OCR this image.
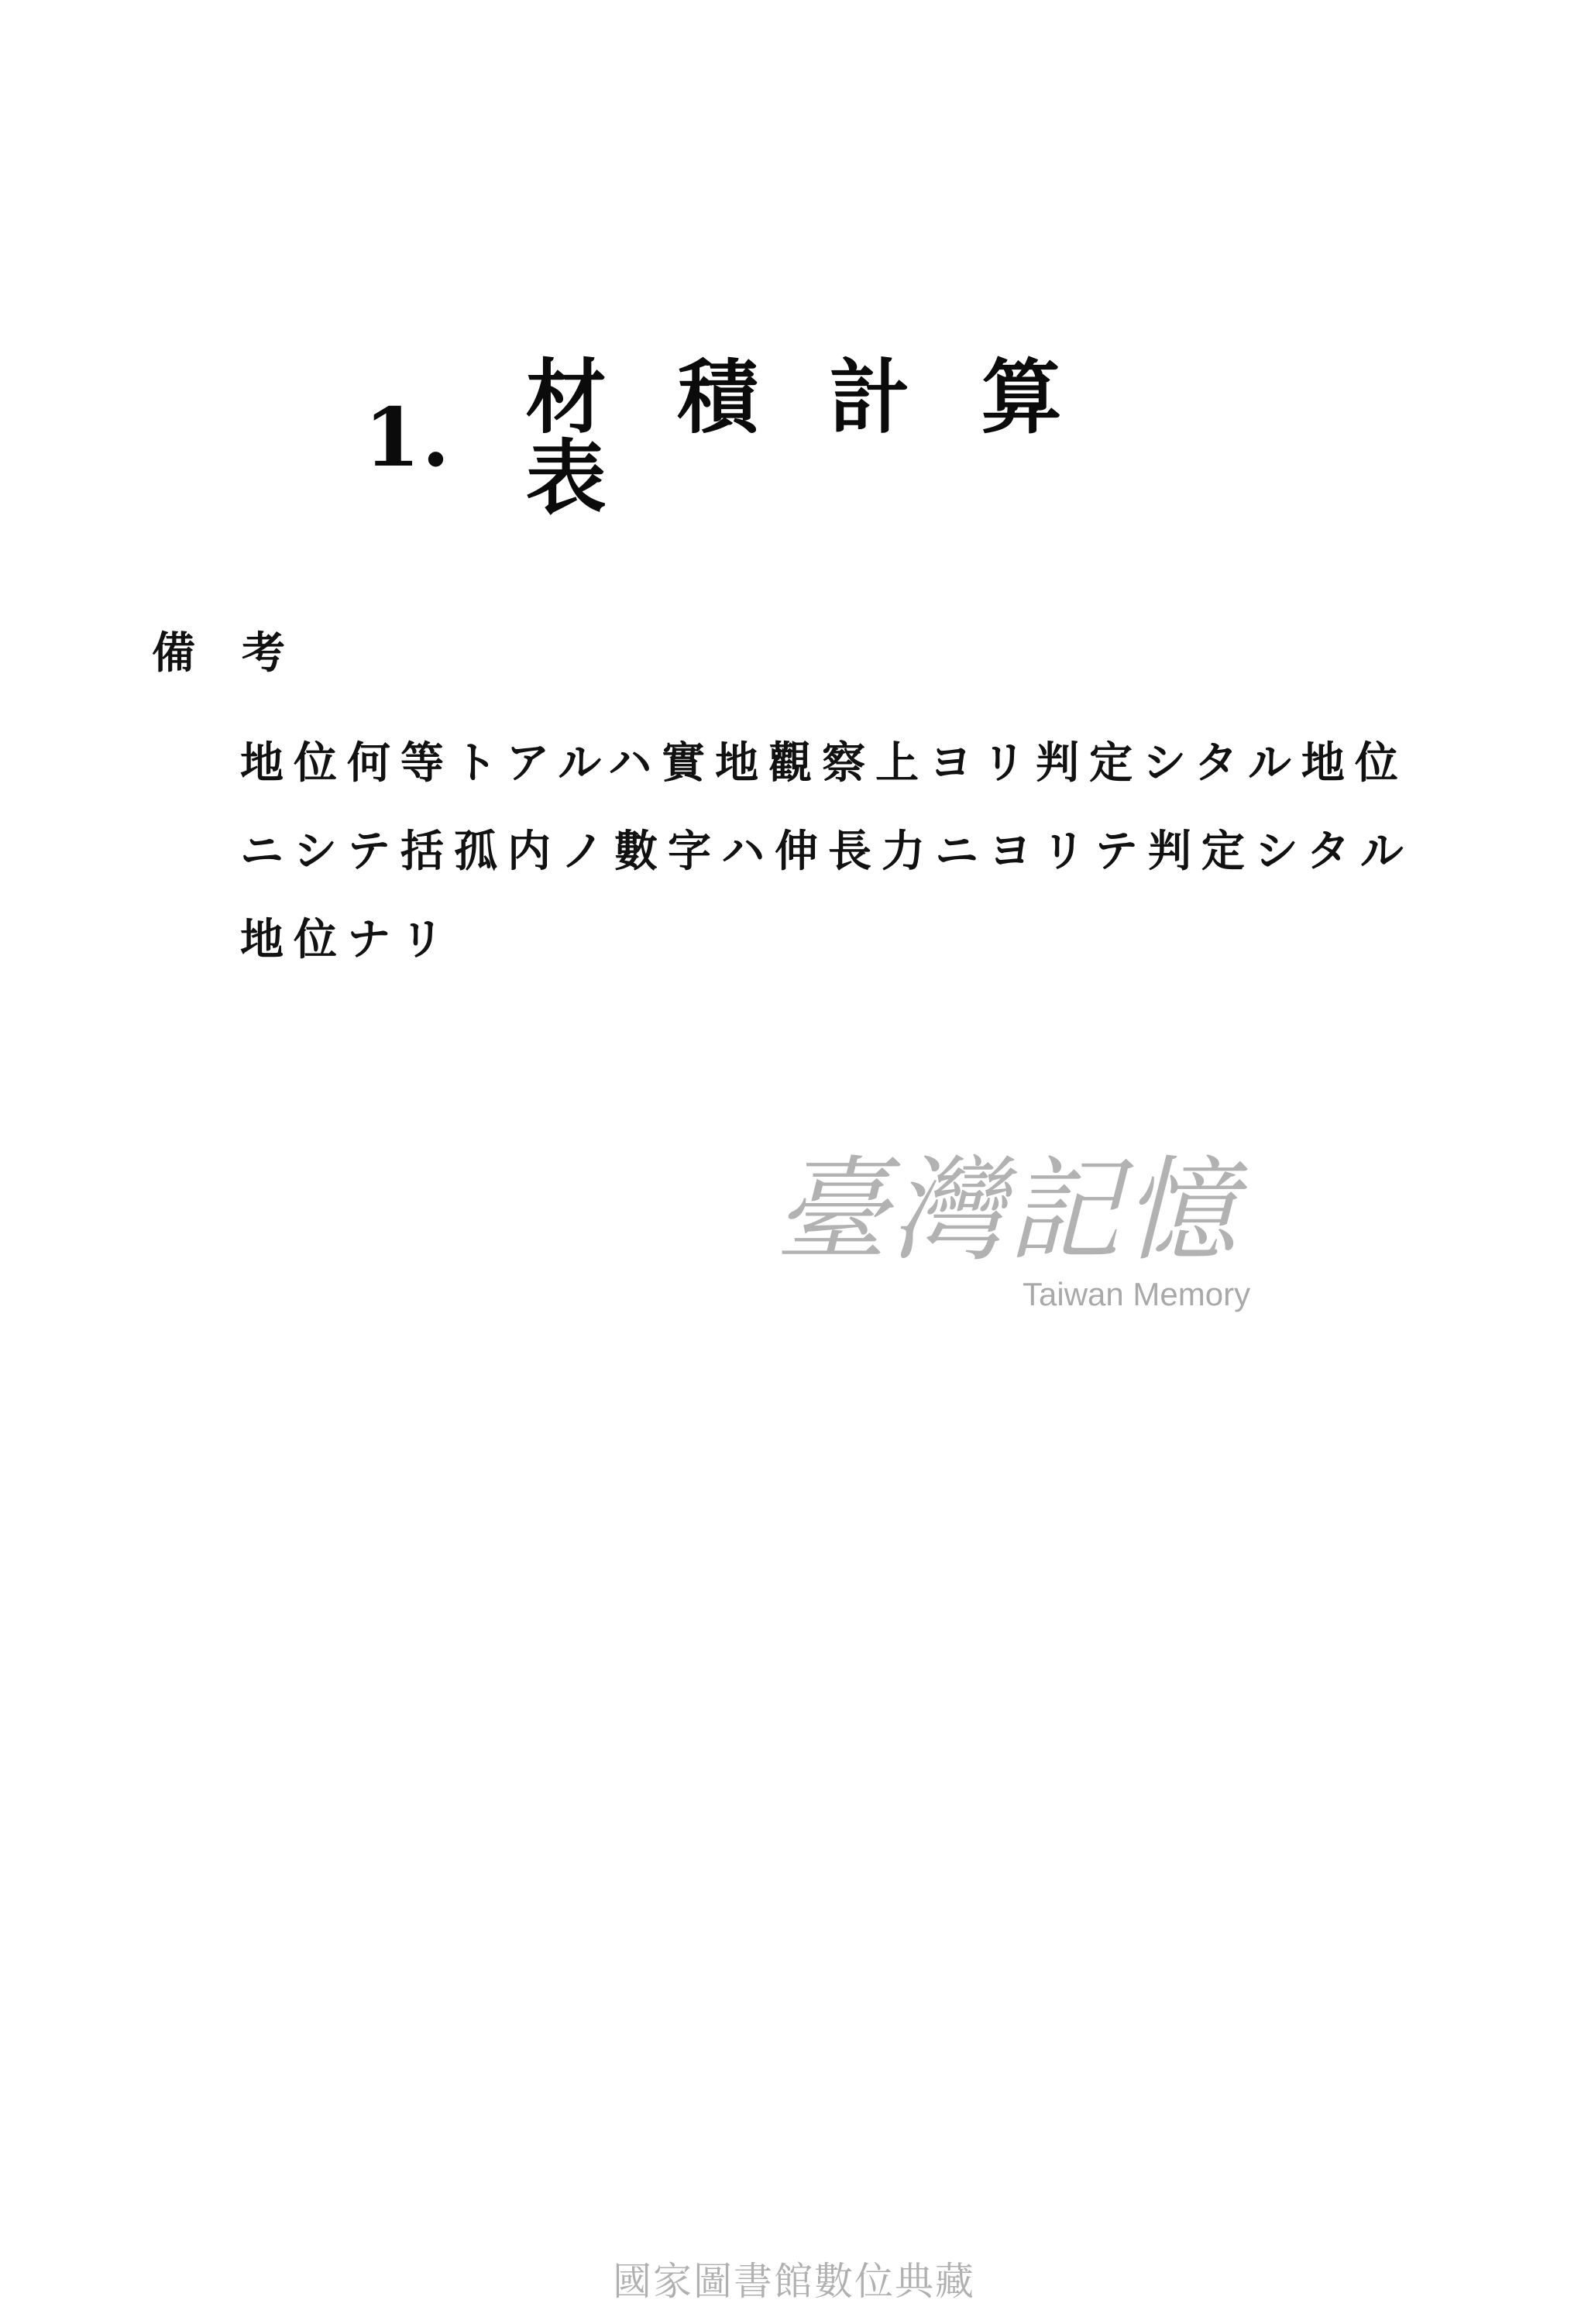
1. 材積計算表
備考
地位何等トアルハ實地觀察上ヨリ判定シタル地位
ニシテ括孤内ノ數字ハ伸長力ニヨリテ判定シタル
地位ナリ
臺灣記憶
Taiwan Memory
國家圖書館數位典藏
